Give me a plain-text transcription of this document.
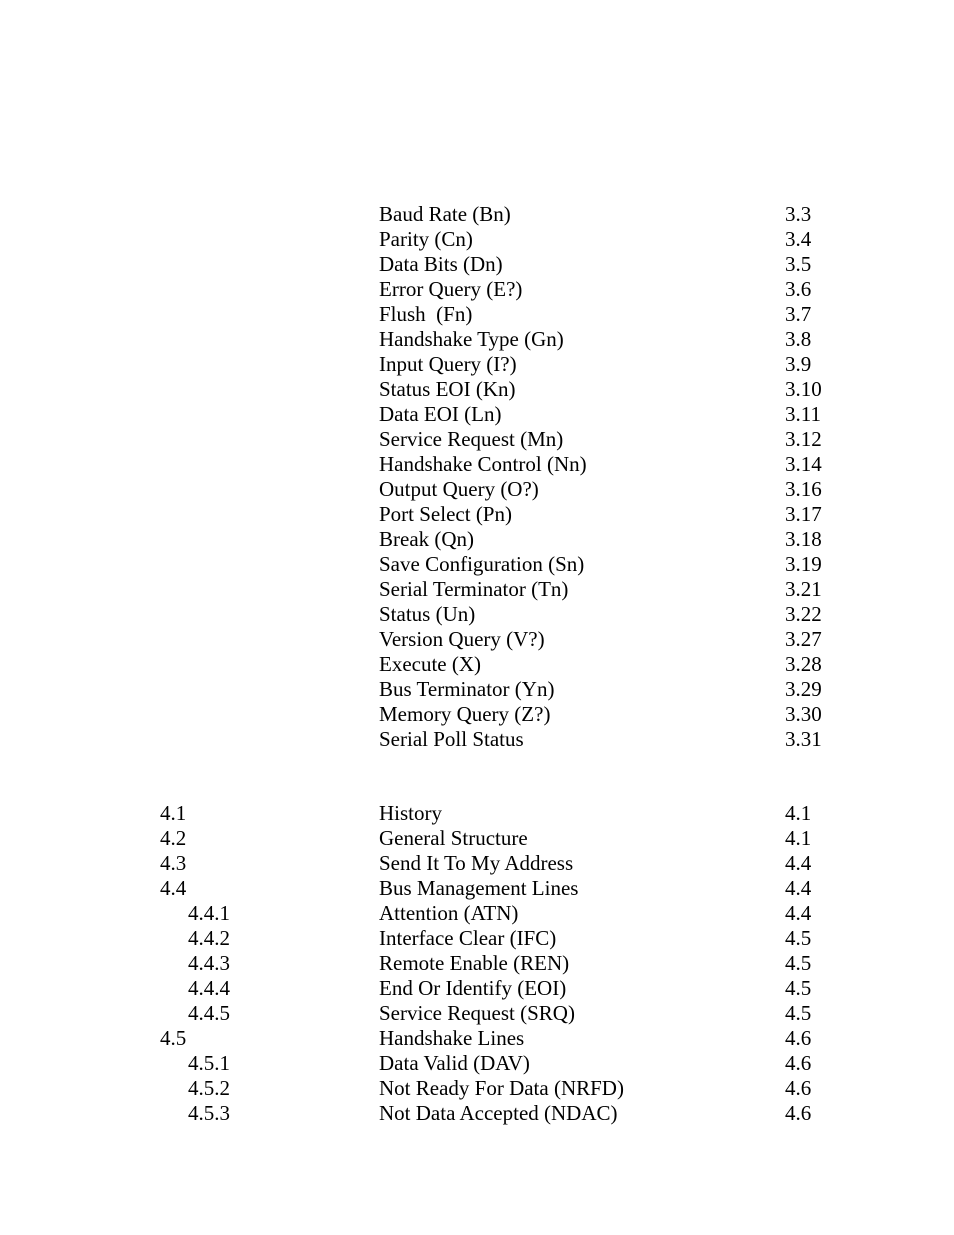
Baud Rate (Bn)	3.3
Parity (Cn)	3.4
Data Bits (Dn)	3.5
Error Query (E?)	3.6
Flush  (Fn)	3.7
Handshake Type (Gn)	3.8
Input Query (I?)	3.9
Status EOI (Kn)	3.10
Data EOI (Ln)	3.11
Service Request (Mn)	3.12
Handshake Control (Nn)	3.14
Output Query (O?)	3.16
Port Select (Pn)	3.17
Break (Qn)	3.18
Save Configuration (Sn)	3.19
Serial Terminator (Tn)	3.21
Status (Un)	3.22
Version Query (V?)	3.27
Execute (X)	3.28
Bus Terminator (Yn)	3.29
Memory Query (Z?)	3.30
Serial Poll Status	3.31
4.1	History	4.1
4.2	General Structure	4.1
4.3	Send It To My Address	4.4
4.4	Bus Management Lines	4.4
4.4.1	Attention (ATN)	4.4
4.4.2	Interface Clear (IFC)	4.5
4.4.3	Remote Enable (REN)	4.5
4.4.4	End Or Identify (EOI)	4.5
4.4.5	Service Request (SRQ)	4.5
4.5	Handshake Lines	4.6
4.5.1	Data Valid (DAV)	4.6
4.5.2	Not Ready For Data (NRFD)	4.6
4.5.3	Not Data Accepted (NDAC)	4.6
